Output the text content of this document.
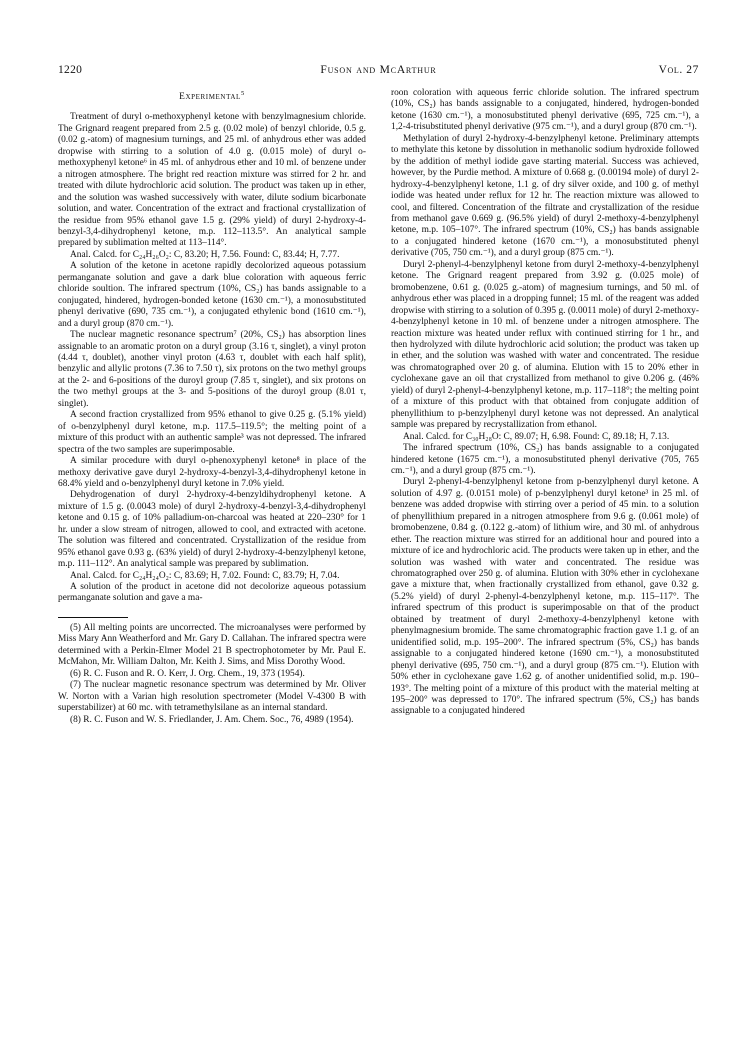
1220	Fuson and McArthur	Vol. 27
Experimental$^5$

Treatment of duryl o-methoxyphenyl ketone with benzylmagnesium chloride. The Grignard reagent prepared from 2.5 g. (0.02 mole) of benzyl chloride, 0.5 g. (0.02 g.-atom) of magnesium turnings, and 25 ml. of anhydrous ether was added dropwise with stirring to a solution of 4.0 g. (0.015 mole) of duryl o-methoxyphenyl ketone⁶ in 45 ml. of anhydrous ether and 10 ml. of benzene under a nitrogen atmosphere. The bright red reaction mixture was stirred for 2 hr. and treated with dilute hydrochloric acid solution. The product was taken up in ether, and the solution was washed successively with water, dilute sodium bicarbonate solution, and water. Concentration of the extract and fractional crystallization of the residue from 95% ethanol gave 1.5 g. (29% yield) of duryl 2-hydroxy-4-benzyl-3,4-dihydrophenyl ketone, m.p. 112–113.5°. An analytical sample prepared by sublimation melted at 113–114°.

Anal. Calcd. for C₂₄H₂₆O₂: C, 83.20; H, 7.56. Found: C, 83.44; H, 7.77.

A solution of the ketone in acetone rapidly decolorized aqueous potassium permanganate solution and gave a dark blue coloration with aqueous ferric chloride soultion. The infrared spectrum (10%, CS₂) has bands assignable to a conjugated, hindered, hydrogen-bonded ketone (1630 cm.⁻¹), a monosubstituted phenyl derivative (690, 735 cm.⁻¹), a conjugated ethylenic bond (1610 cm.⁻¹), and a duryl group (870 cm.⁻¹).

The nuclear magnetic resonance spectrum⁷ (20%, CS₂) has absorption lines assignable to an aromatic proton on a duryl group (3.16 τ, singlet), a vinyl proton (4.44 τ, doublet), another vinyl proton (4.63 τ, doublet with each half split), benzylic and allylic protons (7.36 to 7.50 τ), six protons on the two methyl groups at the 2- and 6-positions of the duroyl group (7.85 τ, singlet), and six protons on the two methyl groups at the 3- and 5-positions of the duroyl group (8.01 τ, singlet).

A second fraction crystallized from 95% ethanol to give 0.25 g. (5.1% yield) of o-benzylphenyl duryl ketone, m.p. 117.5–119.5°; the melting point of a mixture of this product with an authentic sample³ was not depressed. The infrared spectra of the two samples are superimposable.

A similar procedure with duryl o-phenoxyphenyl ketone⁸ in place of the methoxy derivative gave duryl 2-hydroxy-4-benzyl-3,4-dihydrophenyl ketone in 68.4% yield and o-benzylphenyl duryl ketone in 7.0% yield.

Dehydrogenation of duryl 2-hydroxy-4-benzyldihydrophenyl ketone. A mixture of 1.5 g. (0.0043 mole) of duryl 2-hydroxy-4-benzyl-3,4-dihydrophenyl ketone and 0.15 g. of 10% palladium-on-charcoal was heated at 220–230° for 1 hr. under a slow stream of nitrogen, allowed to cool, and extracted with acetone. The solution was filtered and concentrated. Crystallization of the residue from 95% ethanol gave 0.93 g. (63% yield) of duryl 2-hydroxy-4-benzylphenyl ketone, m.p. 111–112°. An analytical sample was prepared by sublimation.

Anal. Calcd. for C₂₄H₂₄O₂: C, 83.69; H, 7.02. Found: C, 83.79; H, 7.04.

A solution of the product in acetone did not decolorize aqueous potassium permanganate solution and gave a ma-

(5) All melting points are uncorrected. The microanalyses were performed by Miss Mary Ann Weatherford and Mr. Gary D. Callahan. The infrared spectra were determined with a Perkin-Elmer Model 21 B spectrophotometer by Mr. Paul E. McMahon, Mr. William Dalton, Mr. Keith J. Sims, and Miss Dorothy Wood.

(6) R. C. Fuson and R. O. Kerr, J. Org. Chem., 19, 373 (1954).

(7) The nuclear magnetic resonance spectrum was determined by Mr. Oliver W. Norton with a Varian high resolution spectrometer (Model V-4300 B with superstabilizer) at 60 mc. with tetramethylsilane as an internal standard.

(8) R. C. Fuson and W. S. Friedlander, J. Am. Chem. Soc., 76, 4989 (1954).

roon coloration with aqueous ferric chloride solution. The infrared spectrum (10%, CS₂) has bands assignable to a conjugated, hindered, hydrogen-bonded ketone (1630 cm.⁻¹), a monosubstituted phenyl derivative (695, 725 cm.⁻¹), a 1,2-4-trisubstituted phenyl derivative (975 cm.⁻¹), and a duryl group (870 cm.⁻¹).

Methylation of duryl 2-hydroxy-4-benzylphenyl ketone. Preliminary attempts to methylate this ketone by dissolution in methanolic sodium hydroxide followed by the addition of methyl iodide gave starting material. Success was achieved, however, by the Purdie method. A mixture of 0.668 g. (0.00194 mole) of duryl 2-hydroxy-4-benzylphenyl ketone, 1.1 g. of dry silver oxide, and 100 g. of methyl iodide was heated under reflux for 12 hr. The reaction mixture was allowed to cool, and filtered. Concentration of the filtrate and crystallization of the residue from methanol gave 0.669 g. (96.5% yield) of duryl 2-methoxy-4-benzylphenyl ketone, m.p. 105–107°. The infrared spectrum (10%, CS₂) has bands assignable to a conjugated hindered ketone (1670 cm.⁻¹), a monosubstituted phenyl derivative (705, 750 cm.⁻¹), and a duryl group (875 cm.⁻¹).

Duryl 2-phenyl-4-benzylphenyl ketone from duryl 2-methoxy-4-benzylphenyl ketone. The Grignard reagent prepared from 3.92 g. (0.025 mole) of bromobenzene, 0.61 g. (0.025 g.-atom) of magnesium turnings, and 50 ml. of anhydrous ether was placed in a dropping funnel; 15 ml. of the reagent was added dropwise with stirring to a solution of 0.395 g. (0.0011 mole) of duryl 2-methoxy-4-benzylphenyl ketone in 10 ml. of benzene under a nitrogen atmosphere. The reaction mixture was heated under reflux with continued stirring for 1 hr., and then hydrolyzed with dilute hydrochloric acid solution; the product was taken up in ether, and the solution was washed with water and concentrated. The residue was chromatographed over 20 g. of alumina. Elution with 15 to 20% ether in cyclohexane gave an oil that crystallized from methanol to give 0.206 g. (46% yield) of duryl 2-phenyl-4-benzylphenyl ketone, m.p. 117–118°; the melting point of a mixture of this product with that obtained from conjugate addition of phenyllithium to p-benzylphenyl duryl ketone was not depressed. An analytical sample was prepared by recrystallization from ethanol.

Anal. Calcd. for C₃₀H₂₈O: C, 89.07; H, 6.98. Found: C, 89.18; H, 7.13.

The infrared spectrum (10%, CS₂) has bands assignable to a conjugated hindered ketone (1675 cm.⁻¹), a monosubstituted phenyl derivative (705, 765 cm.⁻¹), and a duryl group (875 cm.⁻¹).

Duryl 2-phenyl-4-benzylphenyl ketone from p-benzylphenyl duryl ketone. A solution of 4.97 g. (0.0151 mole) of p-benzylphenyl duryl ketone³ in 25 ml. of benzene was added dropwise with stirring over a period of 45 min. to a solution of phenyllithium prepared in a nitrogen atmosphere from 9.6 g. (0.061 mole) of bromobenzene, 0.84 g. (0.122 g.-atom) of lithium wire, and 30 ml. of anhydrous ether. The reaction mixture was stirred for an additional hour and poured into a mixture of ice and hydrochloric acid. The products were taken up in ether, and the solution was washed with water and concentrated. The residue was chromatographed over 250 g. of alumina. Elution with 30% ether in cyclohexane gave a mixture that, when fractionally crystallized from ethanol, gave 0.32 g. (5.2% yield) of duryl 2-phenyl-4-benzylphenyl ketone, m.p. 115–117°. The infrared spectrum of this product is superimposable on that of the product obtained by treatment of duryl 2-methoxy-4-benzylphenyl ketone with phenylmagnesium bromide. The same chromatographic fraction gave 1.1 g. of an unidentified solid, m.p. 195–200°. The infrared spectrum (5%, CS₂) has bands assignable to a conjugated hindered ketone (1690 cm.⁻¹), a monosubstituted phenyl derivative (695, 750 cm.⁻¹), and a duryl group (875 cm.⁻¹). Elution with 50% ether in cyclohexane gave 1.62 g. of another unidentified solid, m.p. 190–193°. The melting point of a mixture of this product with the material melting at 195–200° was depressed to 170°. The infrared spectrum (5%, CS₂) has bands assignable to a conjugated hindered
